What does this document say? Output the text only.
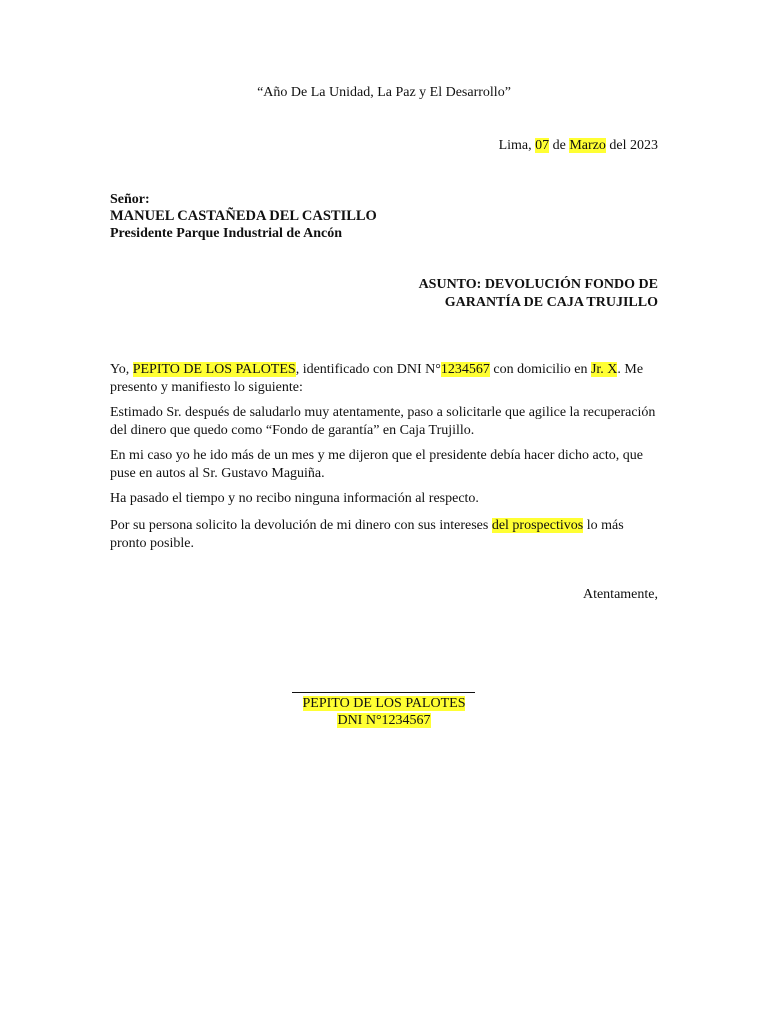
“Año De La Unidad, La Paz y El Desarrollo”
Lima, 07 de Marzo del 2023
Señor:
MANUEL CASTAÑEDA DEL CASTILLO
Presidente Parque Industrial de Ancón
ASUNTO: DEVOLUCIÓN FONDO DE
GARANTÍA DE CAJA TRUJILLO
Yo, PEPITO DE LOS PALOTES, identificado con DNI N°1234567 con domicilio en Jr. X. Me presento y manifiesto lo siguiente:
Estimado Sr. después de saludarlo muy atentamente, paso a solicitarle que agilice la recuperación del dinero que quedo como “Fondo de garantía” en Caja Trujillo.
En mi caso yo he ido más de un mes y me dijeron que el presidente debía hacer dicho acto, que puse en autos al Sr. Gustavo Maguiña.
Ha pasado el tiempo y no recibo ninguna información al respecto.
Por su persona solicito la devolución de mi dinero con sus intereses del prospectivos lo más pronto posible.
Atentamente,
PEPITO DE LOS PALOTES
DNI N°1234567
